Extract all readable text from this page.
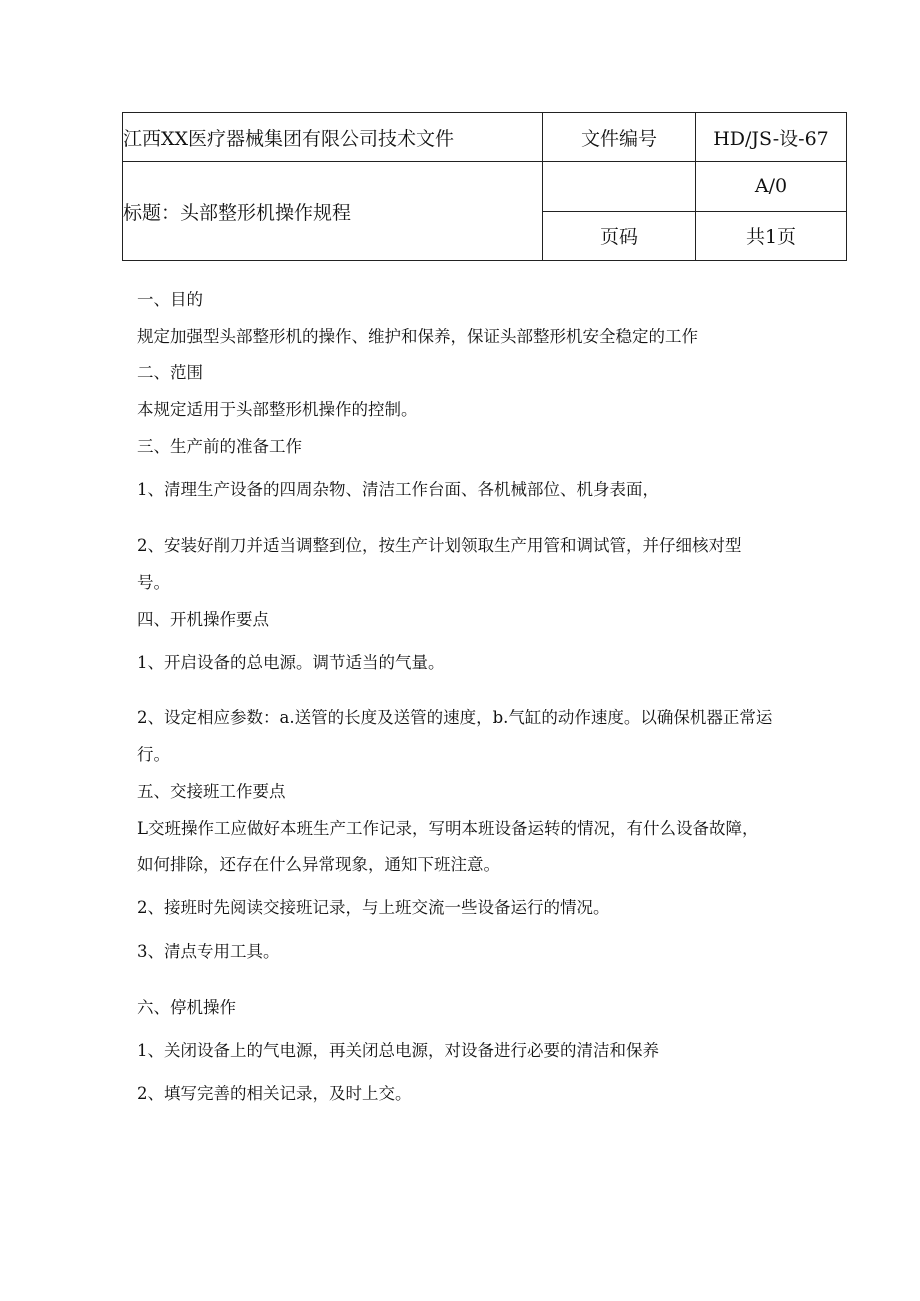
江西XX医疗器械集团有限公司技术文件	文件编号	HD/JS-设-67
标题：头部整形机操作规程		A/0
	页码	共1页
一、目的
规定加强型头部整形机的操作、维护和保养，保证头部整形机安全稳定的工作
二、范围
本规定适用于头部整形机操作的控制。
三、生产前的准备工作
1、清理生产设备的四周杂物、清洁工作台面、各机械部位、机身表面，
2、安装好削刀并适当调整到位，按生产计划领取生产用管和调试管，并仔细核对型
号。
四、开机操作要点
1、开启设备的总电源。调节适当的气量。
2、设定相应参数：a.送管的长度及送管的速度，b.气缸的动作速度。以确保机器正常运
行。
五、交接班工作要点
L交班操作工应做好本班生产工作记录，写明本班设备运转的情况，有什么设备故障，
如何排除，还存在什么异常现象，通知下班注意。
2、接班时先阅读交接班记录，与上班交流一些设备运行的情况。
3、清点专用工具。
六、停机操作
1、关闭设备上的气电源，再关闭总电源，对设备进行必要的清洁和保养
2、填写完善的相关记录，及时上交。
